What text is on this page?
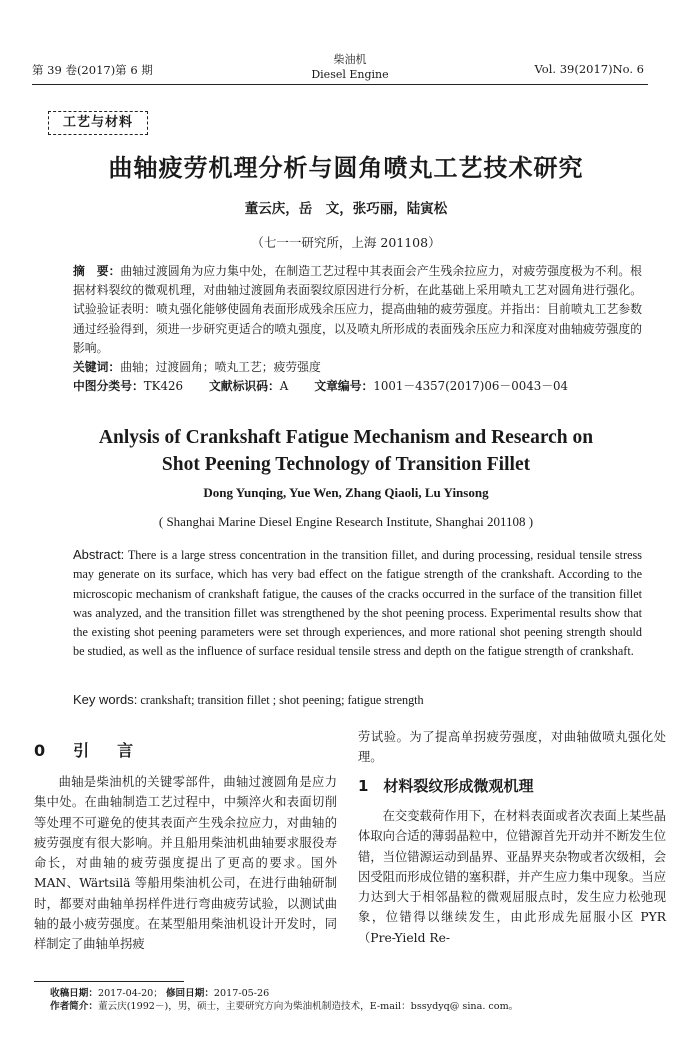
第 39 卷(2017)第 6 期
柴油机
Diesel Engine	Vol. 39(2017)No. 6
工艺与材料
曲轴疲劳机理分析与圆角喷丸工艺技术研究
董云庆，岳　文，张巧丽，陆寅松
（七一一研究所，上海 201108）
摘　要：曲轴过渡圆角为应力集中处，在制造工艺过程中其表面会产生残余拉应力，对疲劳强度极为不利。根据材料裂纹的微观机理，对曲轴过渡圆角表面裂纹原因进行分析，在此基础上采用喷丸工艺对圆角进行强化。试验验证表明：喷丸强化能够使圆角表面形成残余压应力，提高曲轴的疲劳强度。并指出：目前喷丸工艺参数通过经验得到，须进一步研究更适合的喷丸强度，以及喷丸所形成的表面残余压应力和深度对曲轴疲劳强度的影响。
关键词：曲轴；过渡圆角；喷丸工艺；疲劳强度
中图分类号：TK426 文献标识码：A 文章编号：1001－4357(2017)06－0043－04
Anlysis of Crankshaft Fatigue Mechanism and Research on
Shot Peening Technology of Transition Fillet
Dong Yunqing, Yue Wen, Zhang Qiaoli, Lu Yinsong
( Shanghai Marine Diesel Engine Research Institute, Shanghai 201108 )
Abstract: There is a large stress concentration in the transition fillet, and during processing, residual tensile stress may generate on its surface, which has very bad effect on the fatigue strength of the crankshaft. According to the microscopic mechanism of crankshaft fatigue, the causes of the cracks occurred in the surface of the transition fillet was analyzed, and the transition fillet was strengthened by the shot peening process. Experimental results show that the existing shot peening parameters were set through experiences, and more rational shot peening strength should be studied, as well as the influence of surface residual tensile stress and depth on the fatigue strength of crankshaft.
Key words: crankshaft; transition fillet ; shot peening; fatigue strength
0　引　言

曲轴是柴油机的关键零部件，曲轴过渡圆角是应力集中处。在曲轴制造工艺过程中，中频淬火和表面切削等处理不可避免的使其表面产生残余拉应力，对曲轴的疲劳强度有很大影响。并且船用柴油机曲轴要求服役寿命长，对曲轴的疲劳强度提出了更高的要求。国外 MAN、Wärtsilä 等船用柴油机公司，在进行曲轴研制时，都要对曲轴单拐样件进行弯曲疲劳试验，以测试曲轴的最小疲劳强度。在某型船用柴油机设计开发时，同样制定了曲轴单拐疲

劳试验。为了提高单拐疲劳强度，对曲轴做喷丸强化处理。

1　材料裂纹形成微观机理

在交变载荷作用下，在材料表面或者次表面上某些晶体取向合适的薄弱晶粒中，位错源首先开动并不断发生位错，当位错源运动到晶界、亚晶界夹杂物或者次级相，会因受阻而形成位错的塞积群，并产生应力集中现象。当应力达到大于相邻晶粒的微观屈服点时，发生应力松弛现象，位错得以继续发生，由此形成先屈服小区 PYR（Pre-Yield Re-

收稿日期：2017-04-20； 修回日期：2017-05-26
作者简介：董云庆(1992－)，男，硕士，主要研究方向为柴油机制造技术，E-mail：bssydyq@ sina. com。
